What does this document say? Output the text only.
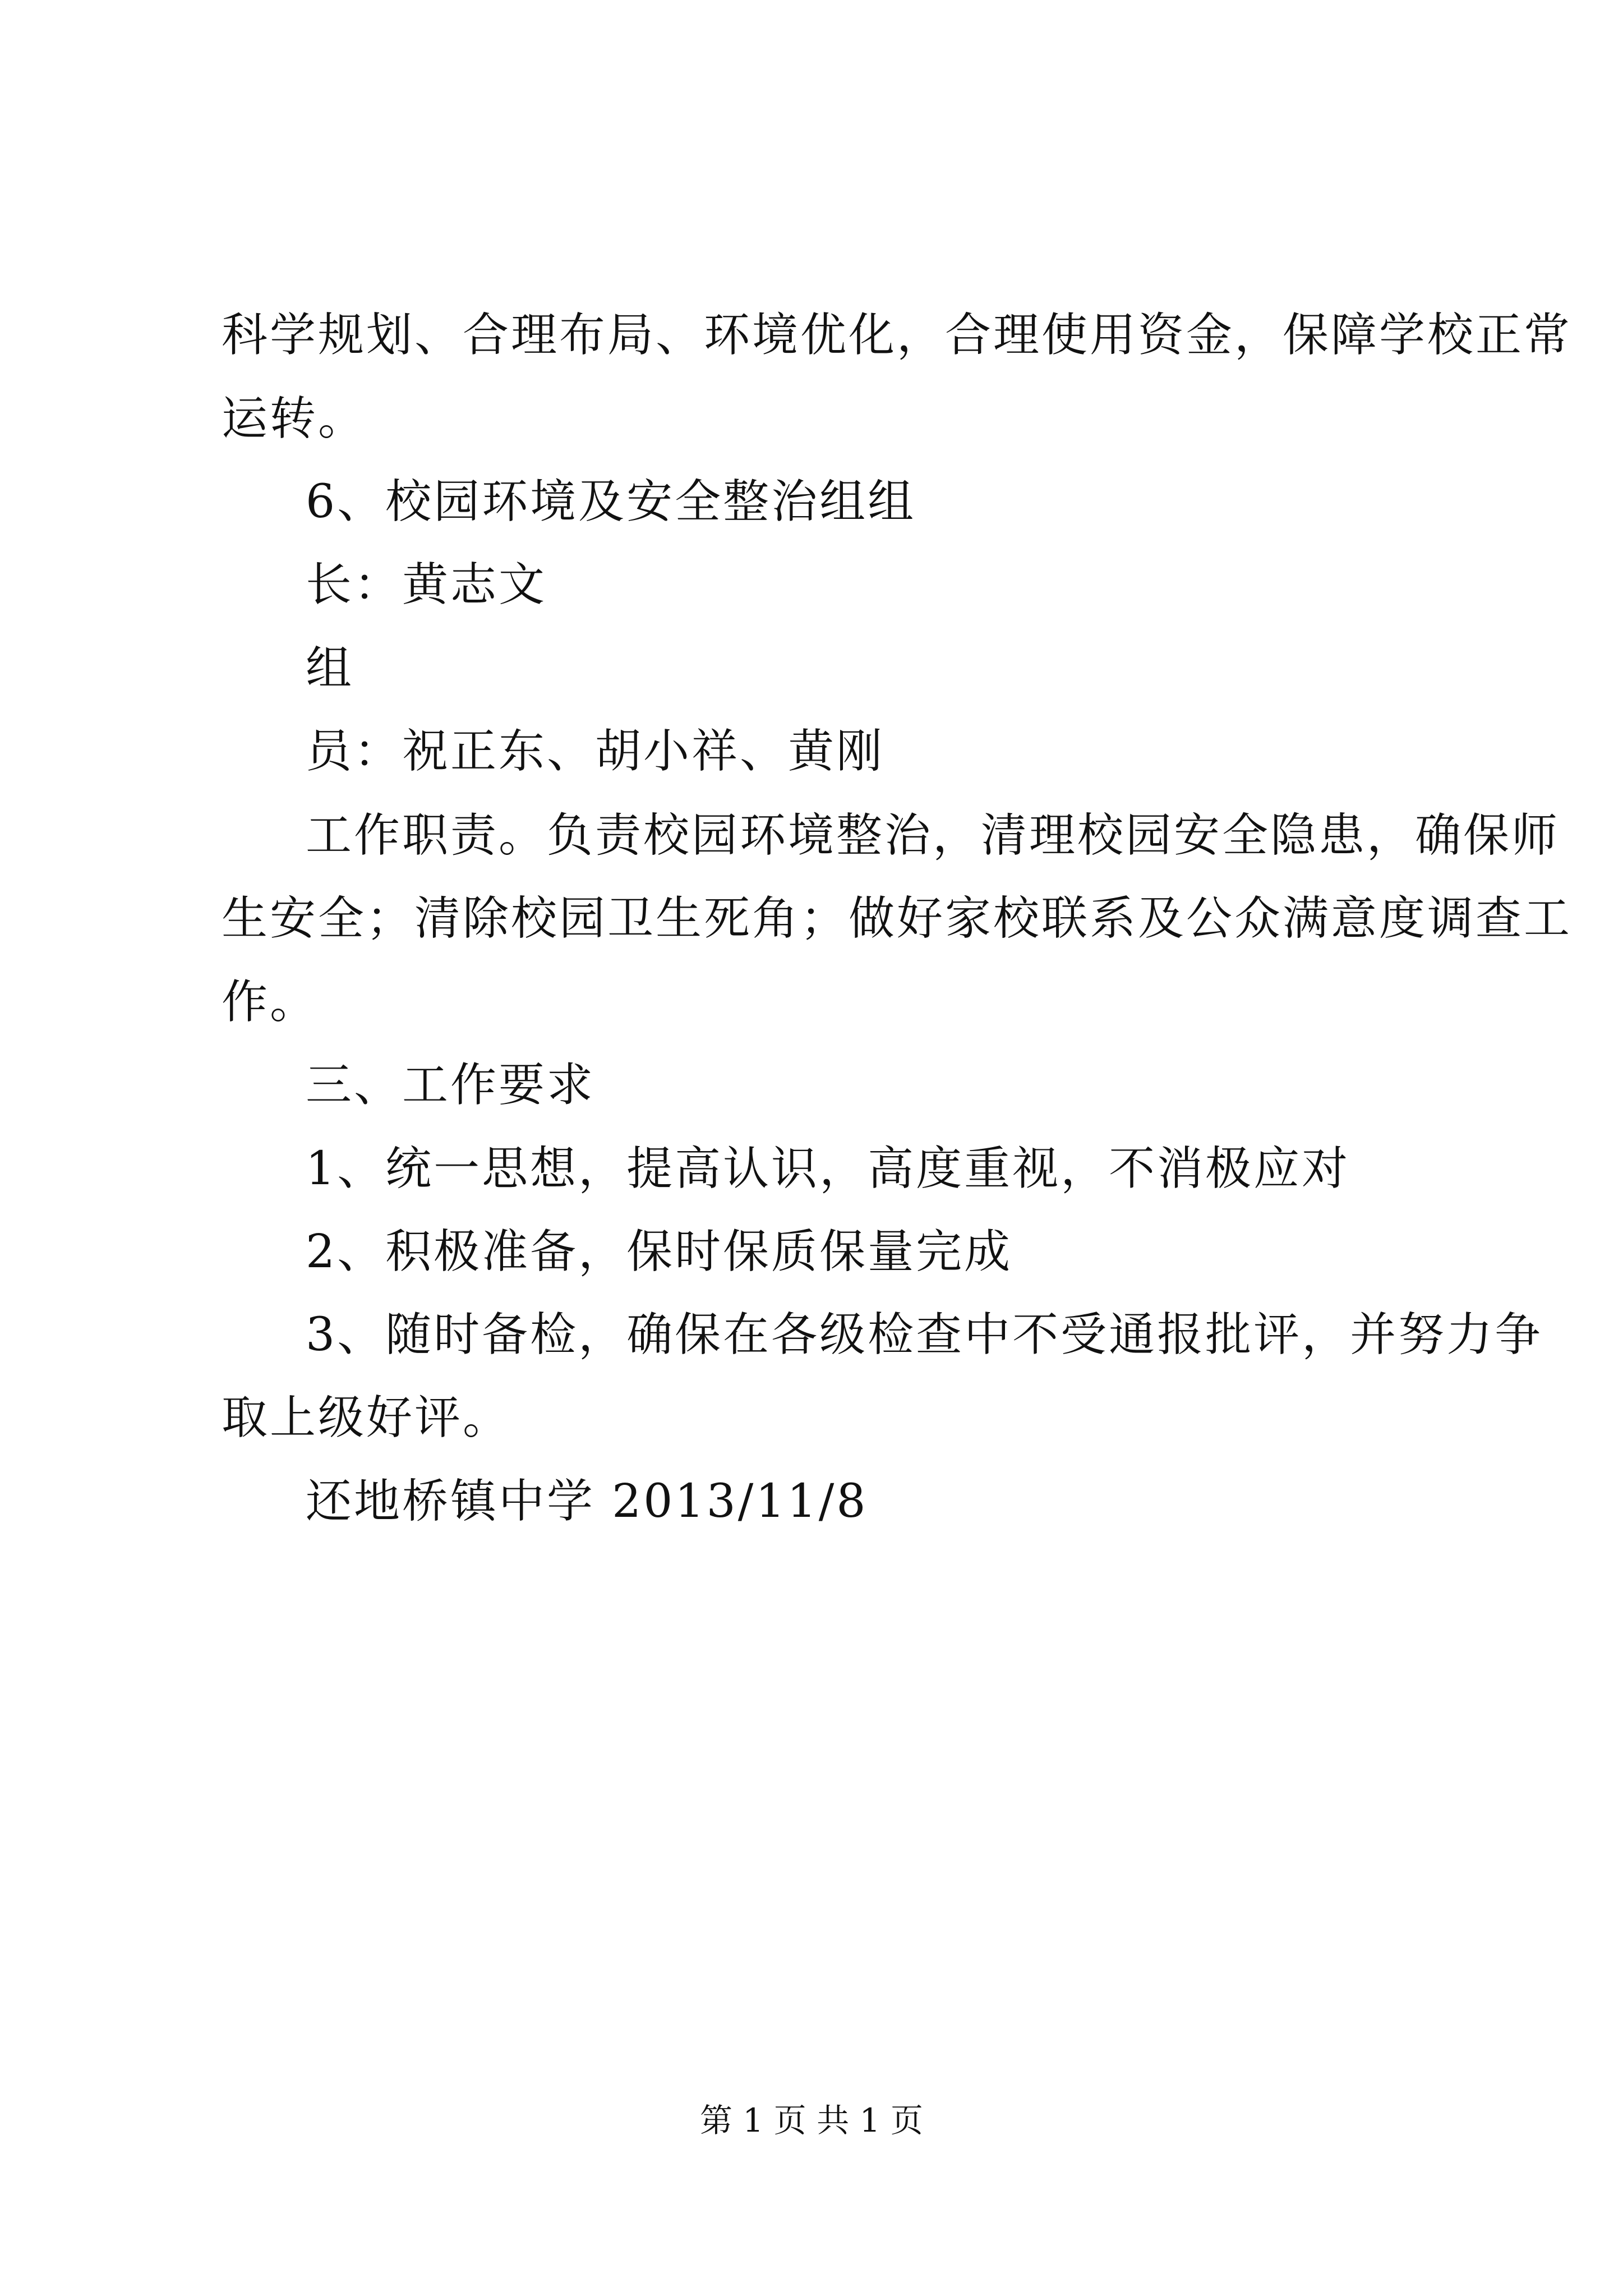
科学规划、合理布局、环境优化，合理使用资金，保障学校正常
运转。
6、校园环境及安全整治组组
长：黄志文
组
员：祝正东、胡小祥、黄刚
工作职责。负责校园环境整治，清理校园安全隐患，确保师
生安全；清除校园卫生死角；做好家校联系及公众满意度调查工
作。
三、工作要求
1、统一思想，提高认识，高度重视，不消极应对
2、积极准备，保时保质保量完成
3、随时备检，确保在各级检查中不受通报批评，并努力争
取上级好评。
还地桥镇中学 2013/11/8
第 1 页 共 1 页
